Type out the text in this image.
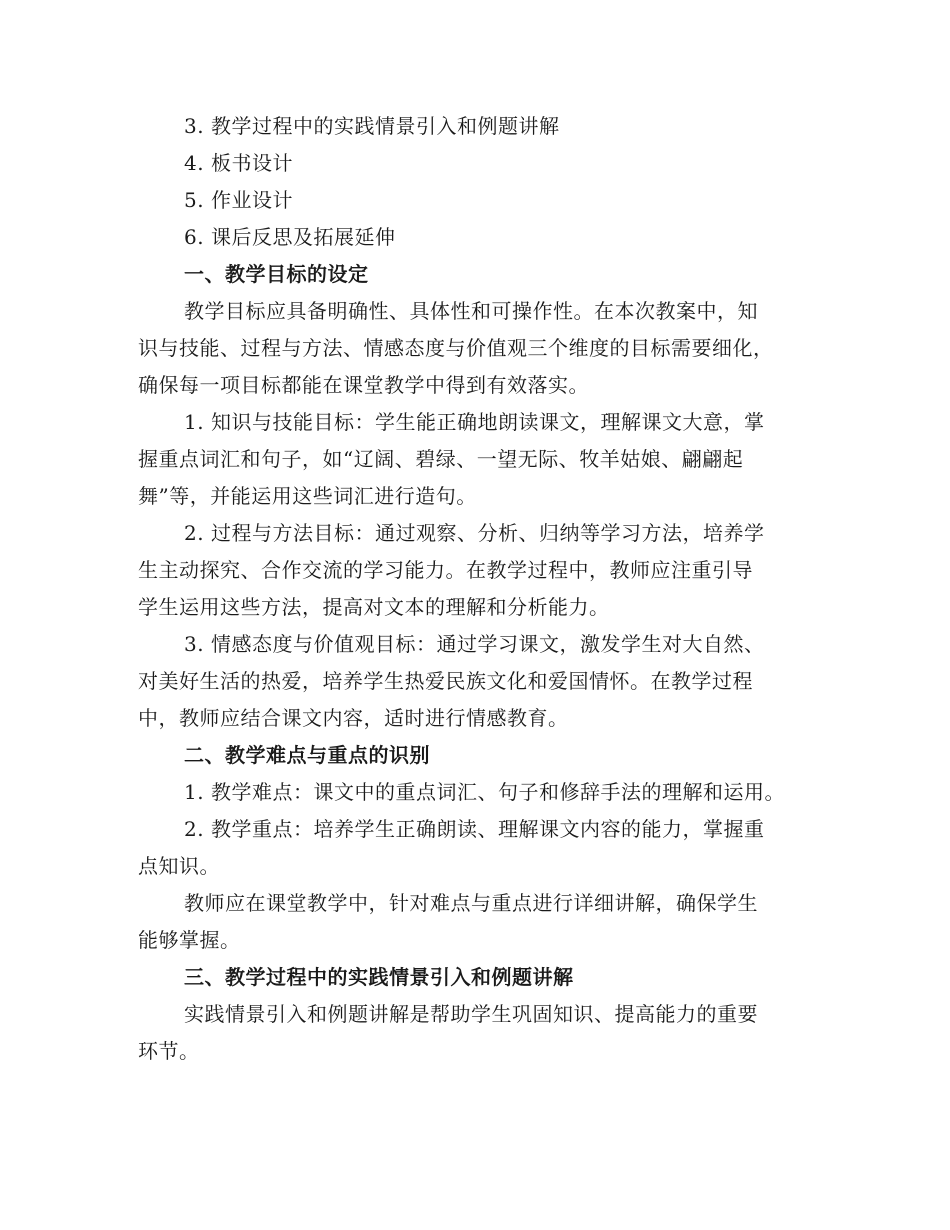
3. 教学过程中的实践情景引入和例题讲解
4. 板书设计
5. 作业设计
6. 课后反思及拓展延伸
一、教学目标的设定
教学目标应具备明确性、具体性和可操作性。在本次教案中，知
识与技能、过程与方法、情感态度与价值观三个维度的目标需要细化，
确保每一项目标都能在课堂教学中得到有效落实。
1. 知识与技能目标：学生能正确地朗读课文，理解课文大意，掌
握重点词汇和句子，如“辽阔、碧绿、一望无际、牧羊姑娘、翩翩起
舞”等，并能运用这些词汇进行造句。
2. 过程与方法目标：通过观察、分析、归纳等学习方法，培养学
生主动探究、合作交流的学习能力。在教学过程中，教师应注重引导
学生运用这些方法，提高对文本的理解和分析能力。
3. 情感态度与价值观目标：通过学习课文，激发学生对大自然、
对美好生活的热爱，培养学生热爱民族文化和爱国情怀。在教学过程
中，教师应结合课文内容，适时进行情感教育。
二、教学难点与重点的识别
1. 教学难点：课文中的重点词汇、句子和修辞手法的理解和运用。
2. 教学重点：培养学生正确朗读、理解课文内容的能力，掌握重
点知识。
教师应在课堂教学中，针对难点与重点进行详细讲解，确保学生
能够掌握。
三、教学过程中的实践情景引入和例题讲解
实践情景引入和例题讲解是帮助学生巩固知识、提高能力的重要
环节。
